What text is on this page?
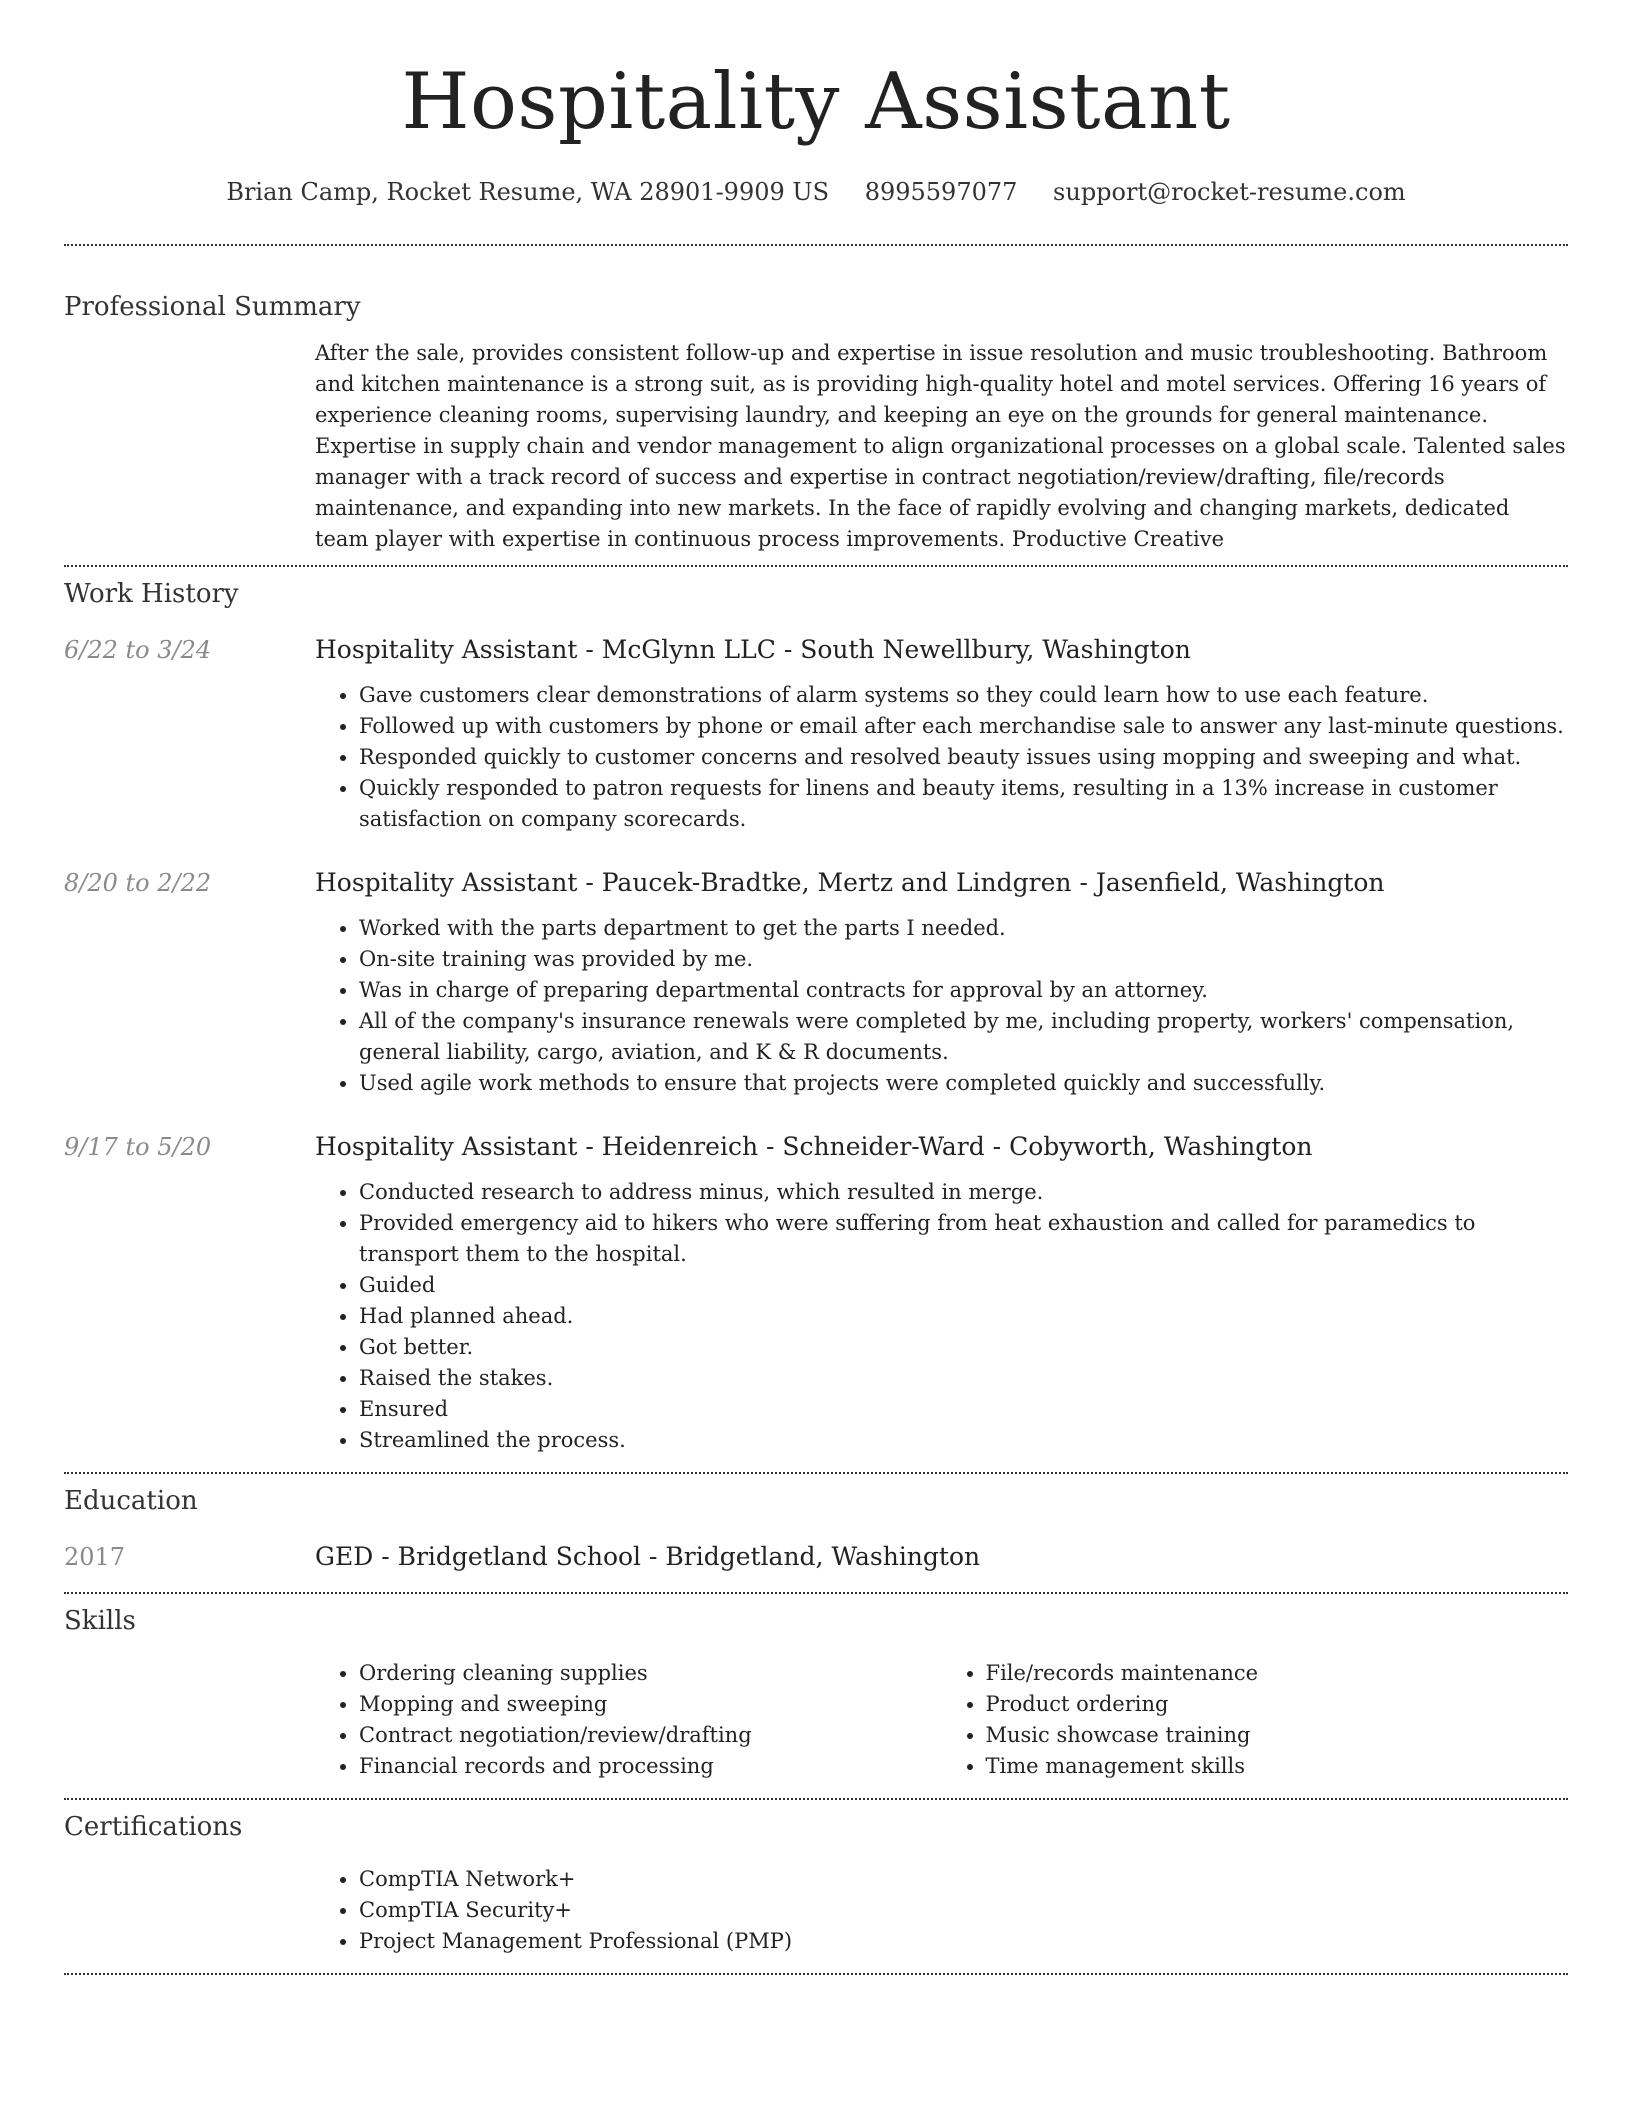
Hospitality Assistant
Brian Camp, Rocket Resume, WA 28901-9909 US 8995597077 support@rocket-resume.com
Professional Summary

After the sale, provides consistent follow-up and expertise in issue resolution and music troubleshooting. Bathroom and kitchen maintenance is a strong suit, as is providing high-quality hotel and motel services. Offering 16 years of experience cleaning rooms, supervising laundry, and keeping an eye on the grounds for general maintenance. Expertise in supply chain and vendor management to align organizational processes on a global scale. Talented sales manager with a track record of success and expertise in contract negotiation/review/drafting, file/records maintenance, and expanding into new markets. In the face of rapidly evolving and changing markets, dedicated team player with expertise in continuous process improvements. Productive Creative

Work History
6/22 to 3/24	Hospitality Assistant - McGlynn LLC - South Newellbury, Washington
• Gave customers clear demonstrations of alarm systems so they could learn how to use each feature.
• Followed up with customers by phone or email after each merchandise sale to answer any last-minute questions.
• Responded quickly to customer concerns and resolved beauty issues using mopping and sweeping and what.
• Quickly responded to patron requests for linens and beauty items, resulting in a 13% increase in customer satisfaction on company scorecards.
8/20 to 2/22	Hospitality Assistant - Paucek-Bradtke, Mertz and Lindgren - Jasenfield, Washington
• Worked with the parts department to get the parts I needed.
• On-site training was provided by me.
• Was in charge of preparing departmental contracts for approval by an attorney.
• All of the company's insurance renewals were completed by me, including property, workers' compensation, general liability, cargo, aviation, and K & R documents.
• Used agile work methods to ensure that projects were completed quickly and successfully.
9/17 to 5/20	Hospitality Assistant - Heidenreich - Schneider-Ward - Cobyworth, Washington
• Conducted research to address minus, which resulted in merge.
• Provided emergency aid to hikers who were suffering from heat exhaustion and called for paramedics to transport them to the hospital.
• Guided
• Had planned ahead.
• Got better.
• Raised the stakes.
• Ensured
• Streamlined the process.
Education
2017	GED - Bridgetland School - Bridgetland, Washington
Skills
• Ordering cleaning supplies
• Mopping and sweeping
• Contract negotiation/review/drafting
• Financial records and processing
• File/records maintenance
• Product ordering
• Music showcase training
• Time management skills
Certifications
• CompTIA Network+
• CompTIA Security+
• Project Management Professional (PMP)
